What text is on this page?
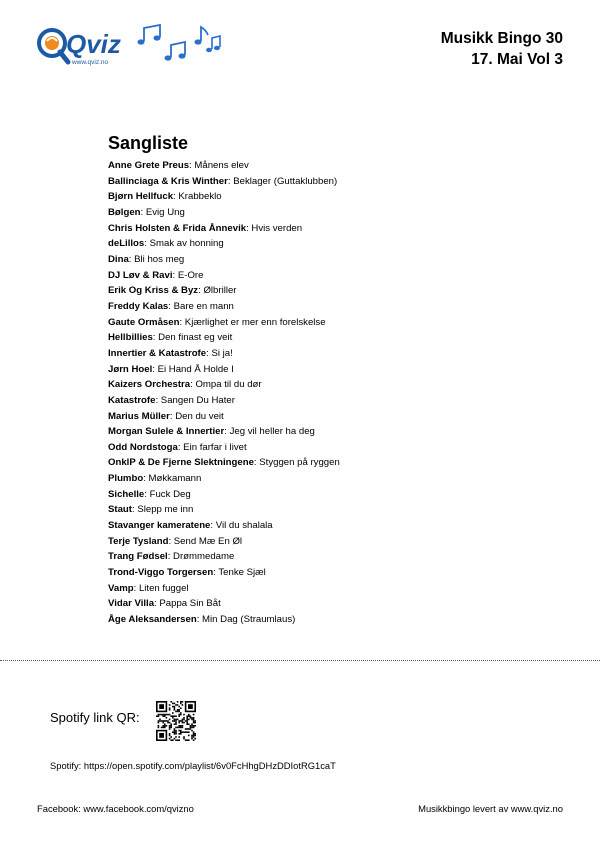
Qviz
www.qviz.no
Musikk Bingo 30
17. Mai Vol 3
Sangliste
Anne Grete Preus: Månens elev
Ballinciaga & Kris Winther: Beklager (Guttaklubben)
Bjørn Hellfuck: Krabbeklo
Bølgen: Evig Ung
Chris Holsten & Frida Ånnevik: Hvis verden
deLillos: Smak av honning
Dina: Bli hos meg
DJ Løv & Ravi: E-Ore
Erik Og Kriss & Byz: Ølbriller
Freddy Kalas: Bare en mann
Gaute Ormåsen: Kjærlighet er mer enn forelskelse
Hellbillies: Den finast eg veit
Innertier & Katastrofe: Si ja!
Jørn Hoel: Ei Hand Å Holde I
Kaizers Orchestra: Ompa til du dør
Katastrofe: Sangen Du Hater
Marius Müller: Den du veit
Morgan Sulele & Innertier: Jeg vil heller ha deg
Odd Nordstoga: Ein farfar i livet
OnklP & De Fjerne Slektningene: Styggen på ryggen
Plumbo: Møkkamann
Sichelle: Fuck Deg
Staut: Slepp me inn
Stavanger kameratene: Vil du shalala
Terje Tysland: Send Mæ En Øl
Trang Fødsel: Drømmedame
Trond-Viggo Torgersen: Tenke Sjæl
Vamp: Liten fuggel
Vidar Villa: Pappa Sin Båt
Åge Aleksandersen: Min Dag (Straumlaus)
Spotify link QR:
Spotify: https://open.spotify.com/playlist/6v0FcHhgDHzDDIotRG1caT
Facebook: www.facebook.com/qvizno	Musikkbingo levert av www.qviz.no
